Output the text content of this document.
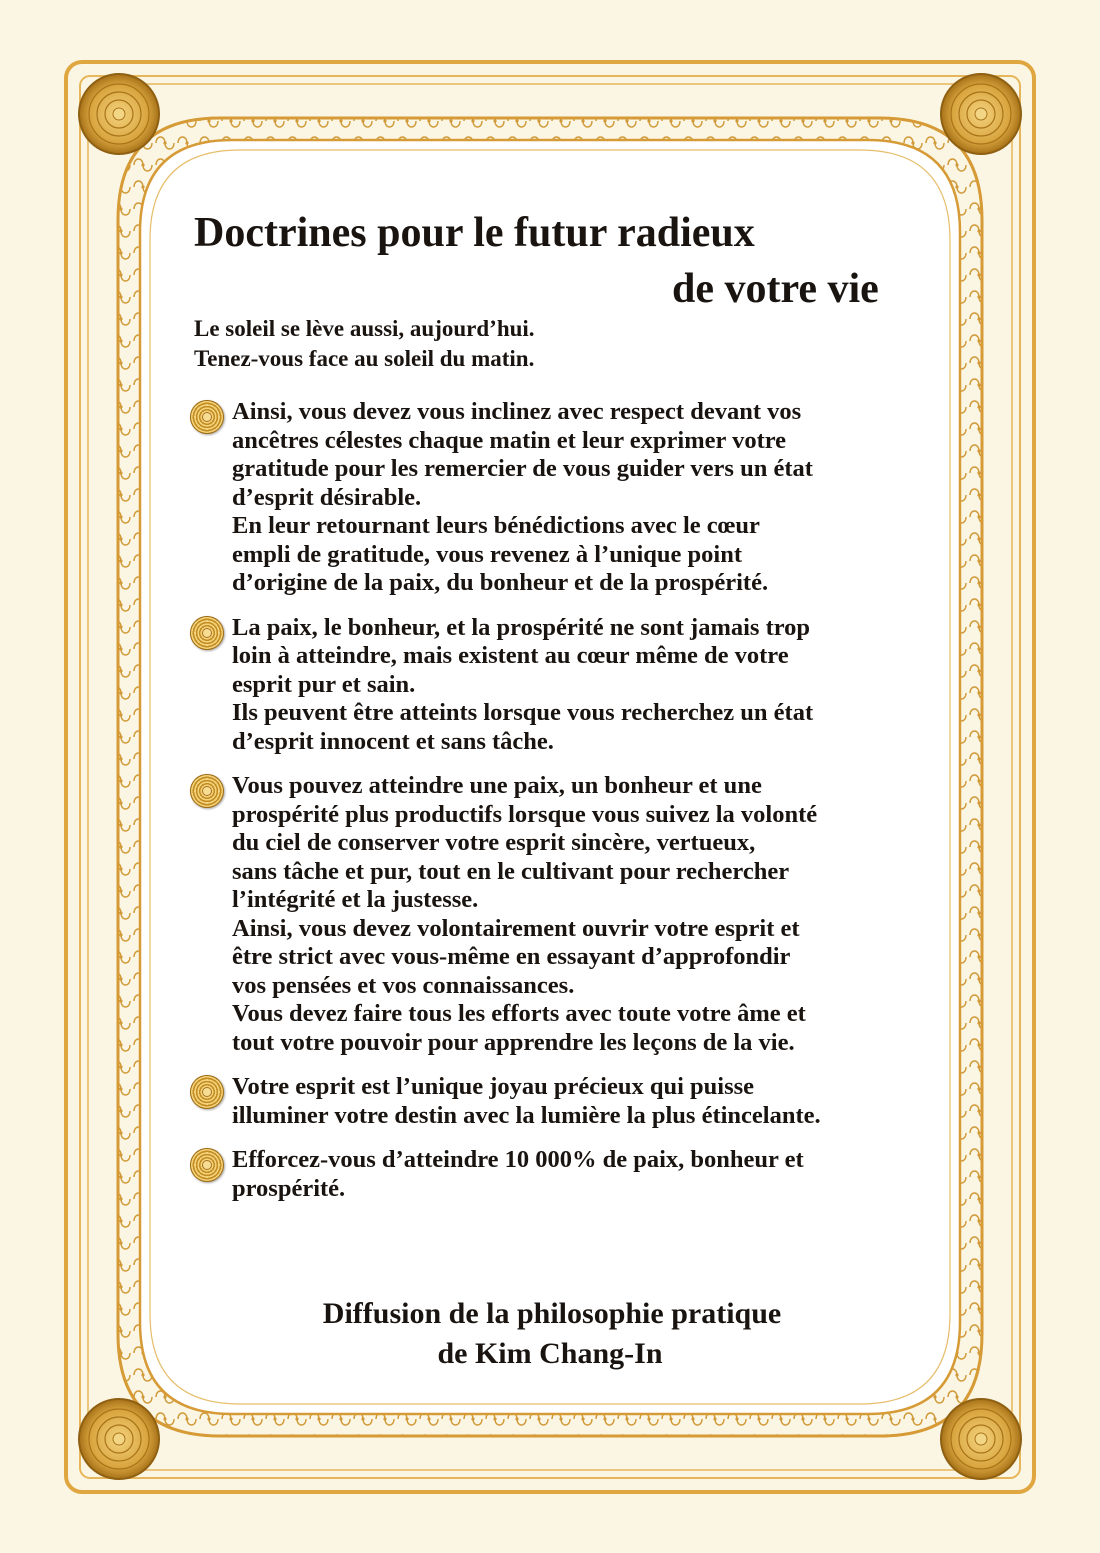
Doctrines pour le futur radieux
de votre vie
Le soleil se lève aussi, aujourd’hui.
Tenez-vous face au soleil du matin.
Ainsi, vous devez vous inclinez avec respect devant vos
ancêtres célestes chaque matin et leur exprimer votre
gratitude pour les remercier de vous guider vers un état
d’esprit désirable.
En leur retournant leurs bénédictions avec le cœur
empli de gratitude, vous revenez à l’unique point
d’origine de la paix, du bonheur et de la prospérité.
La paix, le bonheur, et la prospérité ne sont jamais trop
loin à atteindre, mais existent au cœur même de votre
esprit pur et sain.
Ils peuvent être atteints lorsque vous recherchez un état
d’esprit innocent et sans tâche.
Vous pouvez atteindre une paix, un bonheur et une
prospérité plus productifs lorsque vous suivez la volonté
du ciel de conserver votre esprit sincère, vertueux,
sans tâche et pur, tout en le cultivant pour rechercher
l’intégrité et la justesse.
Ainsi, vous devez volontairement ouvrir votre esprit et
être strict avec vous-même en essayant d’approfondir
vos pensées et vos connaissances.
Vous devez faire tous les efforts avec toute votre âme et
tout votre pouvoir pour apprendre les leçons de la vie.
Votre esprit est l’unique joyau précieux qui puisse
illuminer votre destin avec la lumière la plus étincelante.
Efforcez-vous d’atteindre 10 000% de paix, bonheur et
prospérité.
Diffusion de la philosophie pratique
de Kim Chang-In
